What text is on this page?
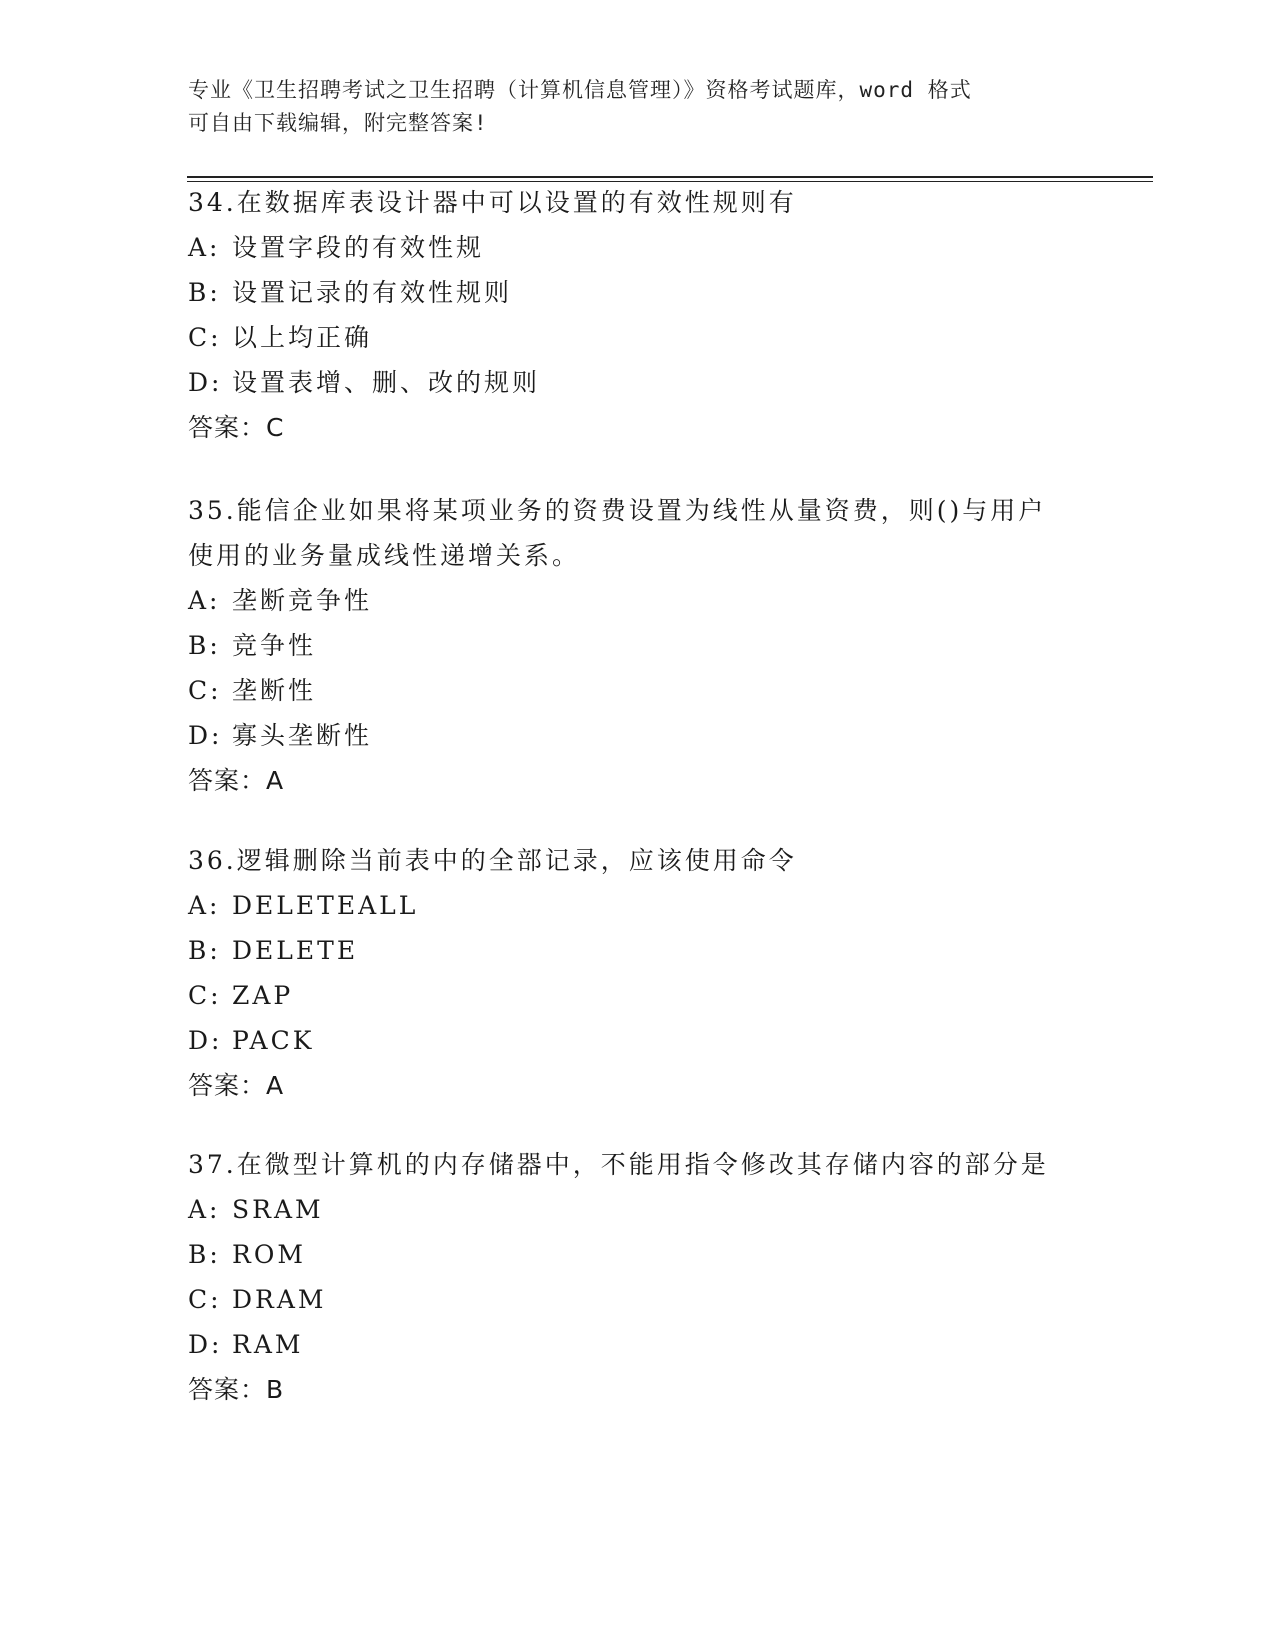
专业《卫生招聘考试之卫生招聘（计算机信息管理）》资格考试题库，word 格式
可自由下载编辑，附完整答案!

34.在数据库表设计器中可以设置的有效性规则有

A: 设置字段的有效性规

B: 设置记录的有效性规则

C: 以上均正确

D: 设置表增、删、改的规则

答案：C

35.能信企业如果将某项业务的资费设置为线性从量资费，则()与用户使用的业务量成线性递增关系。

A: 垄断竞争性

B: 竞争性

C: 垄断性

D: 寡头垄断性

答案：A

36.逻辑删除当前表中的全部记录，应该使用命令

A: DELETEALL

B: DELETE

C: ZAP

D: PACK

答案：A

37.在微型计算机的内存储器中，不能用指令修改其存储内容的部分是

A: SRAM

B: ROM

C: DRAM

D: RAM

答案：B
